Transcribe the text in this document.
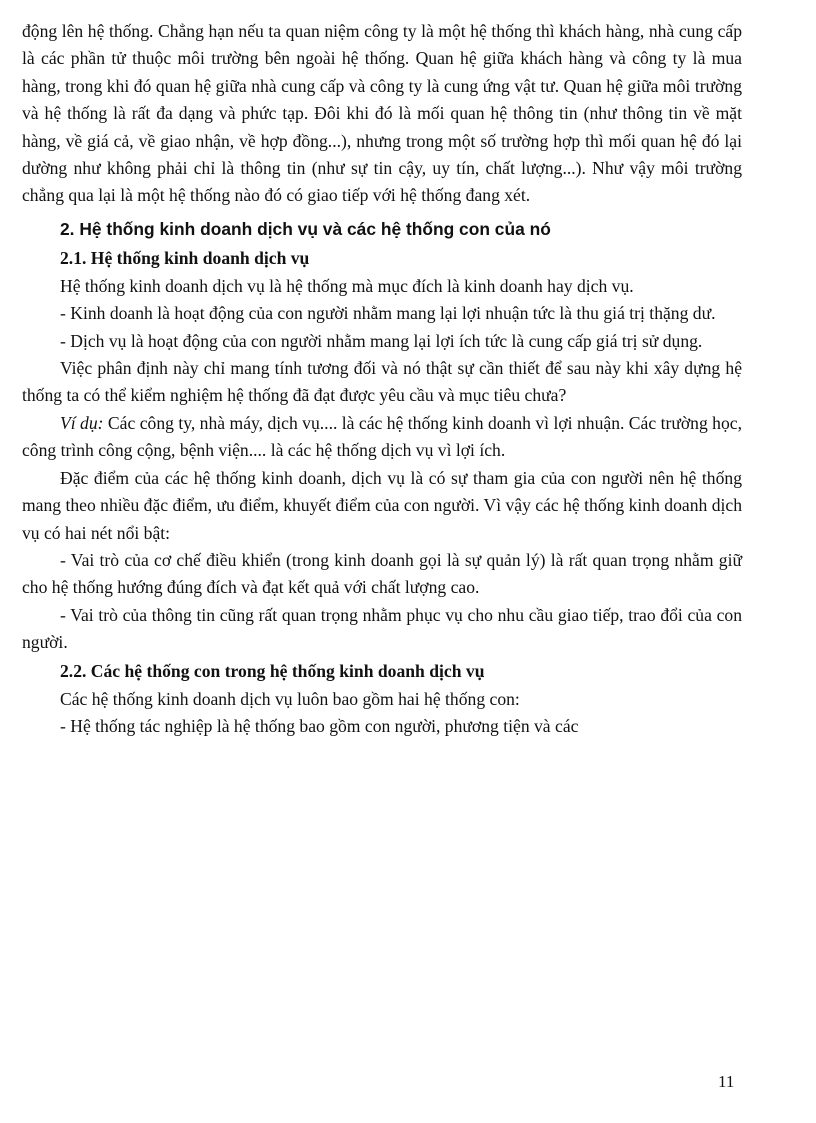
động lên hệ thống. Chẳng hạn nếu ta quan niệm công ty là một hệ thống thì khách hàng, nhà cung cấp là các phần tử thuộc môi trường bên ngoài hệ thống. Quan hệ giữa khách hàng và công ty là mua hàng, trong khi đó quan hệ giữa nhà cung cấp và công ty là cung ứng vật tư. Quan hệ giữa môi trường và hệ thống là rất đa dạng và phức tạp. Đôi khi đó là mối quan hệ thông tin (như thông tin về mặt hàng, về giá cả, về giao nhận, về hợp đồng...), nhưng trong một số trường hợp thì mối quan hệ đó lại dường như không phải chỉ là thông tin (như sự tin cậy, uy tín, chất lượng...). Như vậy môi trường chẳng qua lại là một hệ thống nào đó có giao tiếp với hệ thống đang xét.

2. Hệ thống kinh doanh dịch vụ và các hệ thống con của nó
2.1. Hệ thống kinh doanh dịch vụ

Hệ thống kinh doanh dịch vụ là hệ thống mà mục đích là kinh doanh hay dịch vụ.

- Kinh doanh là hoạt động của con người nhằm mang lại lợi nhuận tức là thu giá trị thặng dư.

- Dịch vụ là hoạt động của con người nhằm mang lại lợi ích tức là cung cấp giá trị sử dụng.

Việc phân định này chỉ mang tính tương đối và nó thật sự cần thiết để sau này khi xây dựng hệ thống ta có thể kiểm nghiệm hệ thống đã đạt được yêu cầu và mục tiêu chưa?

Ví dụ: Các công ty, nhà máy, dịch vụ.... là các hệ thống kinh doanh vì lợi nhuận. Các trường học, công trình công cộng, bệnh viện.... là các hệ thống dịch vụ vì lợi ích.

Đặc điểm của các hệ thống kinh doanh, dịch vụ là có sự tham gia của con người nên hệ thống mang theo nhiều đặc điểm, ưu điểm, khuyết điểm của con người. Vì vậy các hệ thống kinh doanh dịch vụ có hai nét nổi bật:

- Vai trò của cơ chế điều khiển (trong kinh doanh gọi là sự quản lý) là rất quan trọng nhằm giữ cho hệ thống hướng đúng đích và đạt kết quả với chất lượng cao.

- Vai trò của thông tin cũng rất quan trọng nhằm phục vụ cho nhu cầu giao tiếp, trao đổi của con người.

2.2. Các hệ thống con trong hệ thống kinh doanh dịch vụ

Các hệ thống kinh doanh dịch vụ luôn bao gồm hai hệ thống con:

- Hệ thống tác nghiệp là hệ thống bao gồm con người, phương tiện và các

11
